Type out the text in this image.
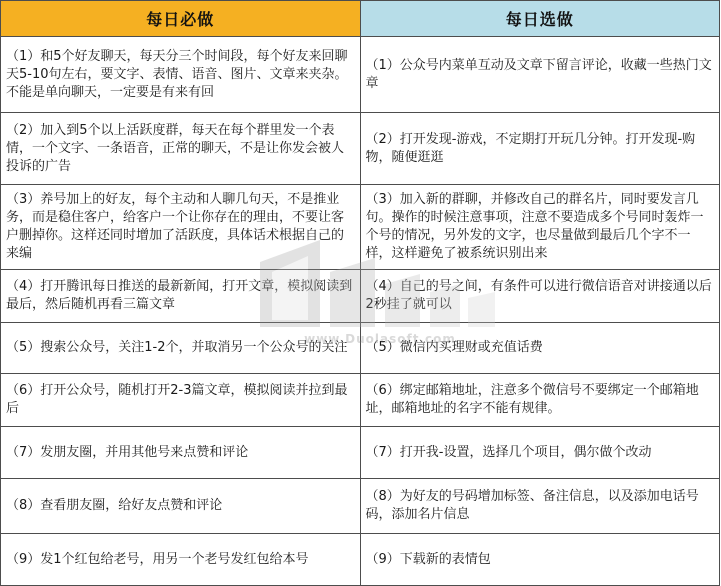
每日必做	每日选做
（1）和5个好友聊天，每天分三个时间段，每个好友来回聊天5-10句左右，要文字、表情、语音、图片、文章来夹杂。不能是单向聊天，一定要是有来有回	（1）公众号内菜单互动及文章下留言评论，收藏一些热门文章
（2）加入到5个以上活跃度群，每天在每个群里发一个表情，一个文字、一条语音，正常的聊天，不是让你发会被人投诉的广告	（2）打开发现-游戏，不定期打开玩几分钟。打开发现-购物，随便逛逛
（3）养号加上的好友，每个主动和人聊几句天，不是推业务，而是稳住客户，给客户一个让你存在的理由，不要让客户删掉你。这样还同时增加了活跃度，具体话术根据自己的来编	（3）加入新的群聊，并修改自己的群名片，同时要发言几句。操作的时候注意事项，注意不要造成多个号同时轰炸一个号的情况，另外发的文字，也尽量做到最后几个字不一样，这样避免了被系统识别出来
（4）打开腾讯每日推送的最新新闻，打开文章，模拟阅读到最后，然后随机再看三篇文章	（4）自己的号之间，有条件可以进行微信语音对讲接通以后2秒挂了就可以
（5）搜索公众号，关注1-2个，并取消另一个公众号的关注	（5）微信内买理财或充值话费
（6）打开公众号，随机打开2-3篇文章，模拟阅读并拉到最后	（6）绑定邮箱地址，注意多个微信号不要绑定一个邮箱地址，邮箱地址的名字不能有规律。
（7）发朋友圈，并用其他号来点赞和评论	（7）打开我-设置，选择几个项目，偶尔做个改动
（8）查看朋友圈，给好友点赞和评论	（8）为好友的号码增加标签、备注信息，以及添加电话号码，添加名片信息
（9）发1个红包给老号，用另一个老号发红包给本号	（9）下载新的表情包
www.Duolasoft.com
